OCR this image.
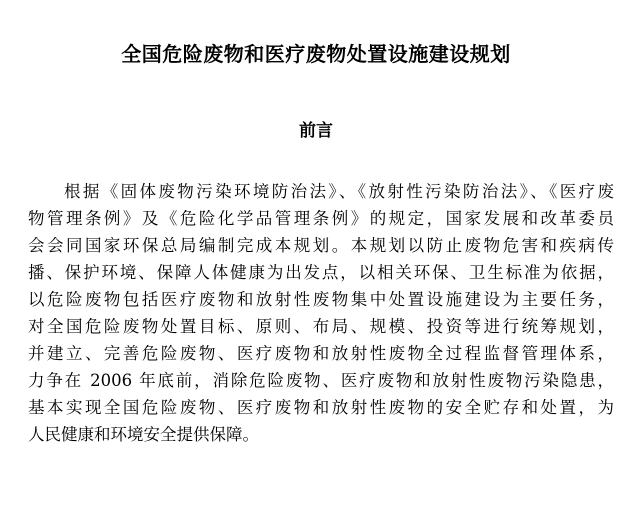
全国危险废物和医疗废物处置设施建设规划
前言
根据《固体废物污染环境防治法》、《放射性污染防治法》、《医疗废
物管理条例》及《危险化学品管理条例》的规定，国家发展和改革委员
会会同国家环保总局编制完成本规划。本规划以防止废物危害和疾病传
播、保护环境、保障人体健康为出发点，以相关环保、卫生标准为依据，
以危险废物包括医疗废物和放射性废物集中处置设施建设为主要任务，
对全国危险废物处置目标、原则、布局、规模、投资等进行统筹规划，
并建立、完善危险废物、医疗废物和放射性废物全过程监督管理体系，
力争在 2006 年底前，消除危险废物、医疗废物和放射性废物污染隐患，
基本实现全国危险废物、医疗废物和放射性废物的安全贮存和处置，为
人民健康和环境安全提供保障。
